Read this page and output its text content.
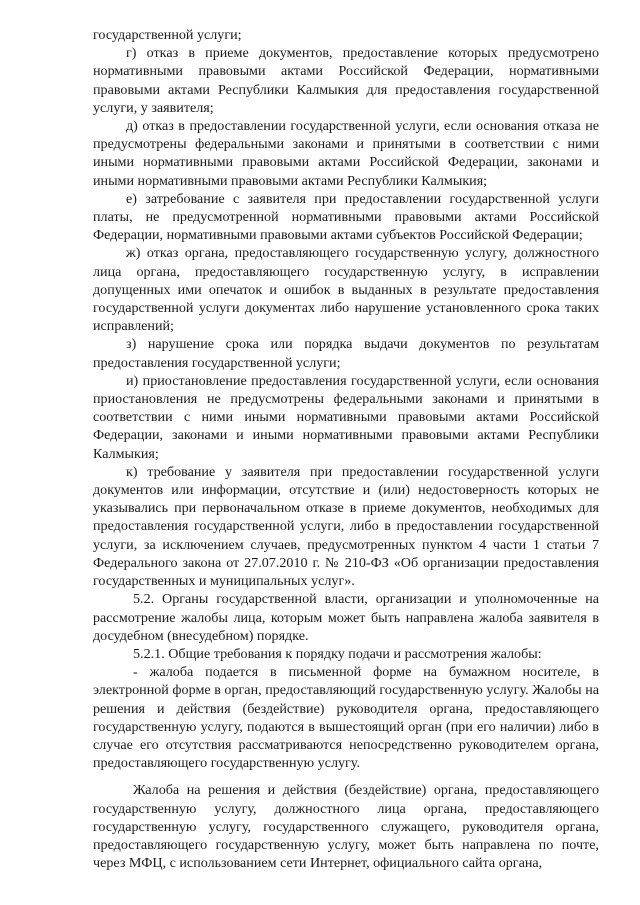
государственной услуги;

г) отказ в приеме документов, предоставление которых предусмотрено нормативными правовыми актами Российской Федерации, нормативными правовыми актами Республики Калмыкия для предоставления государственной услуги, у заявителя;

д) отказ в предоставлении государственной услуги, если основания отказа не предусмотрены федеральными законами и принятыми в соответствии с ними иными нормативными правовыми актами Российской Федерации, законами и иными нормативными правовыми актами Республики Калмыкия;

е) затребование с заявителя при предоставлении государственной услуги платы, не предусмотренной нормативными правовыми актами Российской Федерации, нормативными правовыми актами субъектов Российской Федерации;

ж) отказ органа, предоставляющего государственную услугу, должностного лица органа, предоставляющего государственную услугу, в исправлении допущенных ими опечаток и ошибок в выданных в результате предоставления государственной услуги документах либо нарушение установленного срока таких исправлений;

з) нарушение срока или порядка выдачи документов по результатам предоставления государственной услуги;

и) приостановление предоставления государственной услуги, если основания приостановления не предусмотрены федеральными законами и принятыми в соответствии с ними иными нормативными правовыми актами Российской Федерации, законами и иными нормативными правовыми актами Республики Калмыкия;

к) требование у заявителя при предоставлении государственной услуги документов или информации, отсутствие и (или) недостоверность которых не указывались при первоначальном отказе в приеме документов, необходимых для предоставления государственной услуги, либо в предоставлении государственной услуги, за исключением случаев, предусмотренных пунктом 4 части 1 статьи 7 Федерального закона от 27.07.2010 г. № 210-ФЗ «Об организации предоставления государственных и муниципальных услуг».

5.2. Органы государственной власти, организации и уполномоченные на рассмотрение жалобы лица, которым может быть направлена жалоба заявителя в досудебном (внесудебном) порядке.

5.2.1. Общие требования к порядку подачи и рассмотрения жалобы:

- жалоба подается в письменной форме на бумажном носителе, в электронной форме в орган, предоставляющий государственную услугу. Жалобы на решения и действия (бездействие) руководителя органа, предоставляющего государственную услугу, подаются в вышестоящий орган (при его наличии) либо в случае его отсутствия рассматриваются непосредственно руководителем органа, предоставляющего государственную услугу.

Жалоба на решения и действия (бездействие) органа, предоставляющего государственную услугу, должностного лица органа, предоставляющего государственную услугу, государственного служащего, руководителя органа, предоставляющего государственную услугу, может быть направлена по почте, через МФЦ, с использованием сети Интернет, официального сайта органа,
